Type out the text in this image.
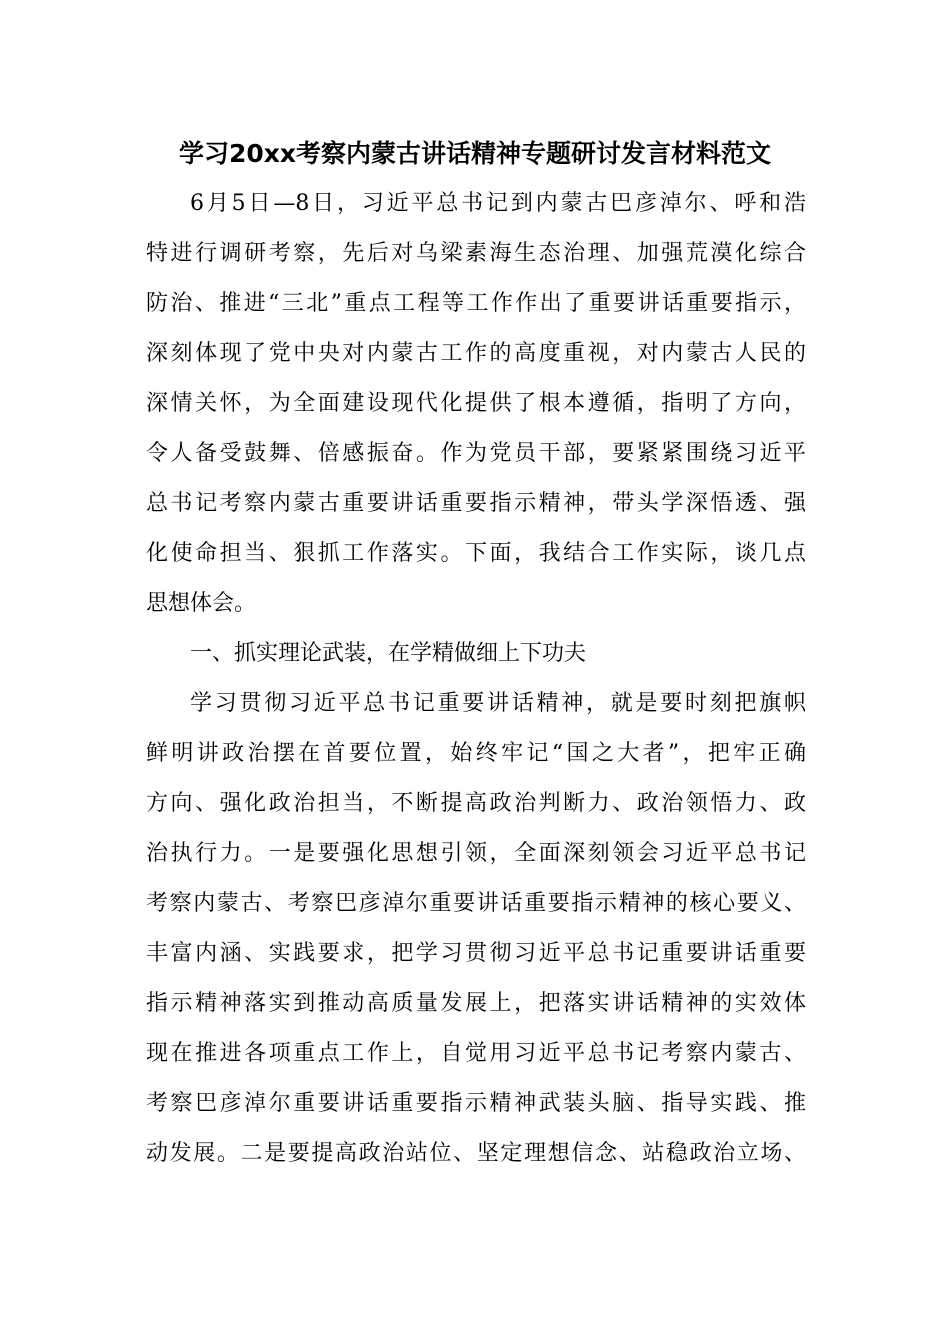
学习20xx考察内蒙古讲话精神专题研讨发言材料范文

6月5日—8日，习近平总书记到内蒙古巴彦淖尔、呼和浩

特进行调研考察，先后对乌梁素海生态治理、加强荒漠化综合

防治、推进“三北”重点工程等工作作出了重要讲话重要指示，

深刻体现了党中央对内蒙古工作的高度重视，对内蒙古人民的

深情关怀，为全面建设现代化提供了根本遵循，指明了方向，

令人备受鼓舞、倍感振奋。作为党员干部，要紧紧围绕习近平

总书记考察内蒙古重要讲话重要指示精神，带头学深悟透、强

化使命担当、狠抓工作落实。下面，我结合工作实际，谈几点

思想体会。

一、抓实理论武装，在学精做细上下功夫

学习贯彻习近平总书记重要讲话精神，就是要时刻把旗帜

鲜明讲政治摆在首要位置，始终牢记“国之大者”，把牢正确

方向、强化政治担当，不断提高政治判断力、政治领悟力、政

治执行力。一是要强化思想引领，全面深刻领会习近平总书记

考察内蒙古、考察巴彦淖尔重要讲话重要指示精神的核心要义、

丰富内涵、实践要求，把学习贯彻习近平总书记重要讲话重要

指示精神落实到推动高质量发展上，把落实讲话精神的实效体

现在推进各项重点工作上，自觉用习近平总书记考察内蒙古、

考察巴彦淖尔重要讲话重要指示精神武装头脑、指导实践、推

动发展。二是要提高政治站位、坚定理想信念、站稳政治立场、
